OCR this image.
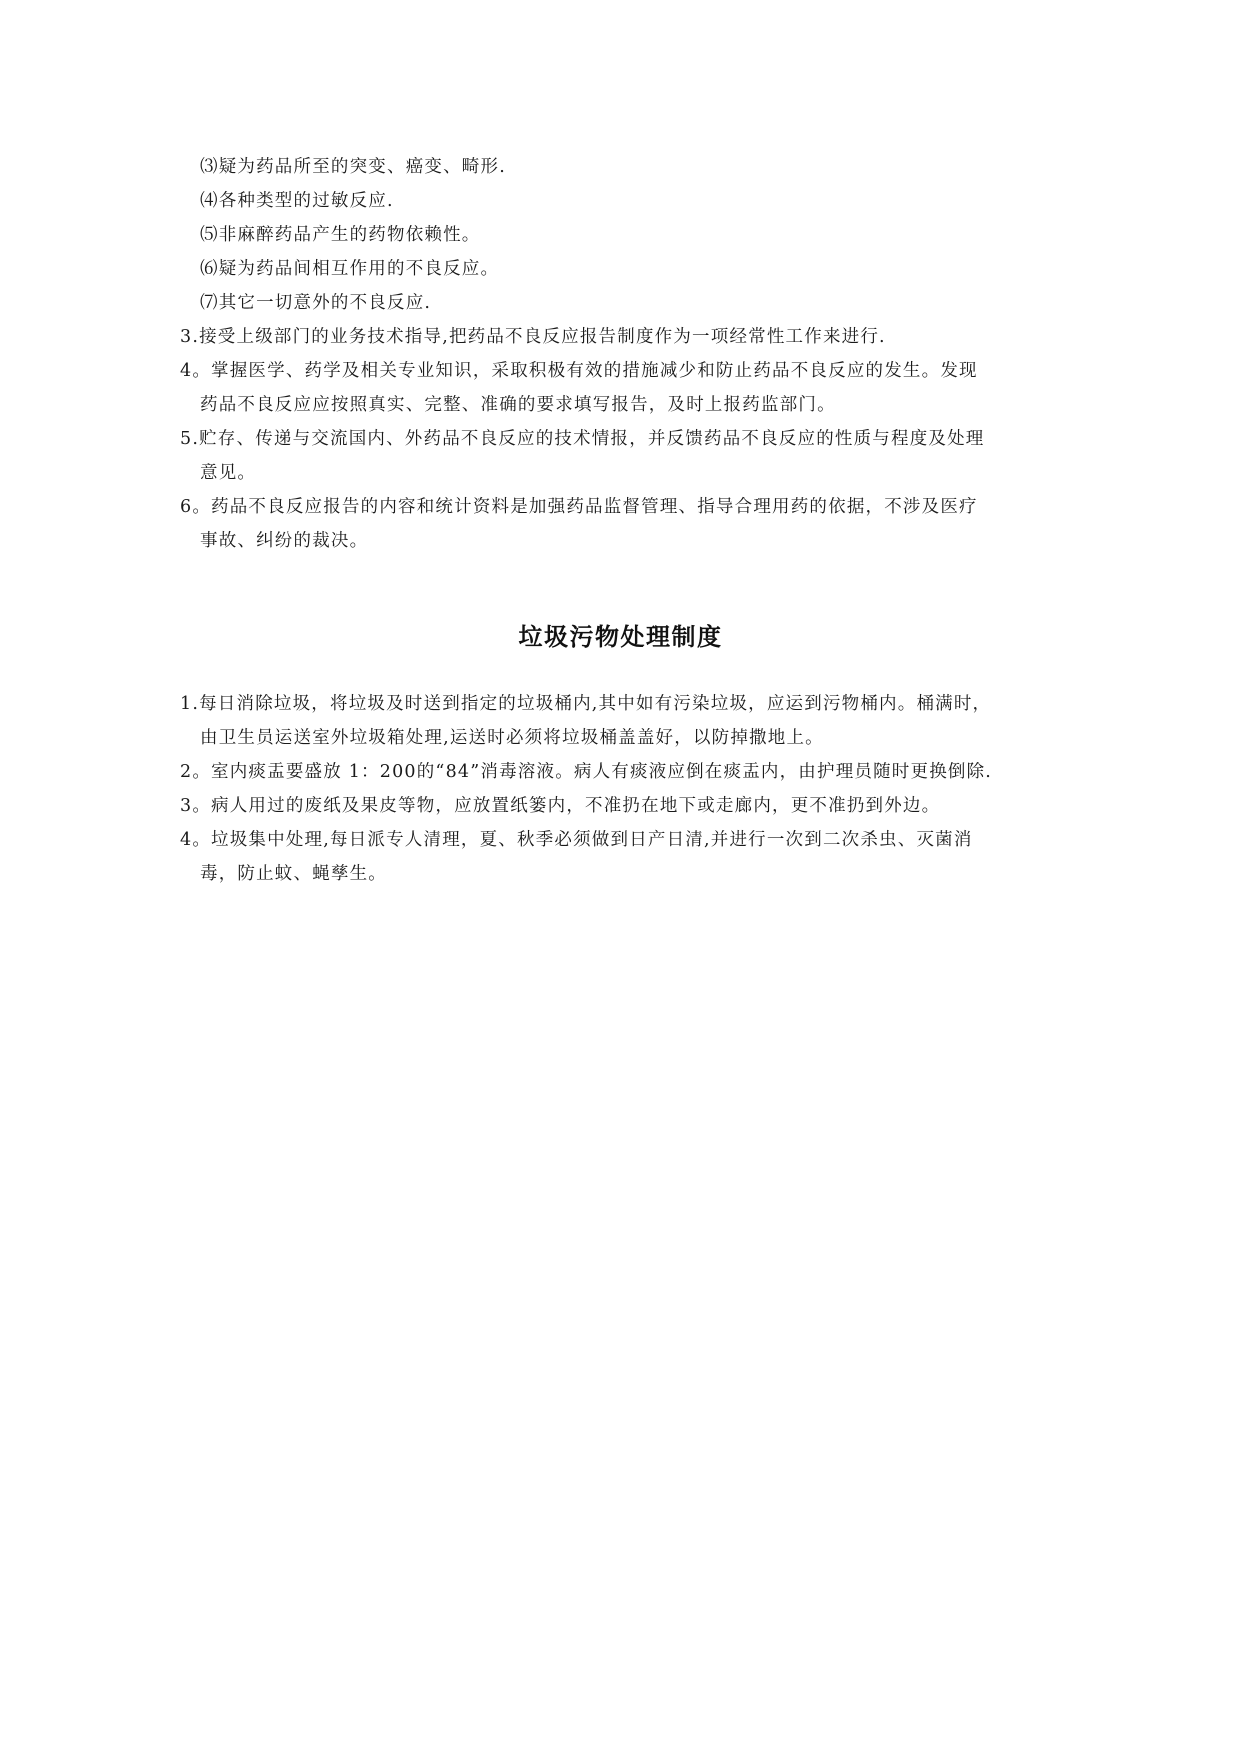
⑶疑为药品所至的突变、癌变、畸形.
⑷各种类型的过敏反应.
⑸非麻醉药品产生的药物依赖性。
⑹疑为药品间相互作用的不良反应。
⑺其它一切意外的不良反应.
3.接受上级部门的业务技术指导,把药品不良反应报告制度作为一项经常性工作来进行.
4。掌握医学、药学及相关专业知识，采取积极有效的措施减少和防止药品不良反应的发生。发现
药品不良反应应按照真实、完整、准确的要求填写报告，及时上报药监部门。
5.贮存、传递与交流国内、外药品不良反应的技术情报，并反馈药品不良反应的性质与程度及处理
意见。
6。药品不良反应报告的内容和统计资料是加强药品监督管理、指导合理用药的依据，不涉及医疗
事故、纠纷的裁决。
垃圾污物处理制度
1.每日消除垃圾，将垃圾及时送到指定的垃圾桶内,其中如有污染垃圾，应运到污物桶内。桶满时，
由卫生员运送室外垃圾箱处理,运送时必须将垃圾桶盖盖好，以防掉撒地上。
2。室内痰盂要盛放 1：200的“84”消毒溶液。病人有痰液应倒在痰盂内，由护理员随时更换倒除.
3。病人用过的废纸及果皮等物，应放置纸篓内，不准扔在地下或走廊内，更不准扔到外边。
4。垃圾集中处理,每日派专人清理，夏、秋季必须做到日产日清,并进行一次到二次杀虫、灭菌消
毒，防止蚊、蝇孳生。
